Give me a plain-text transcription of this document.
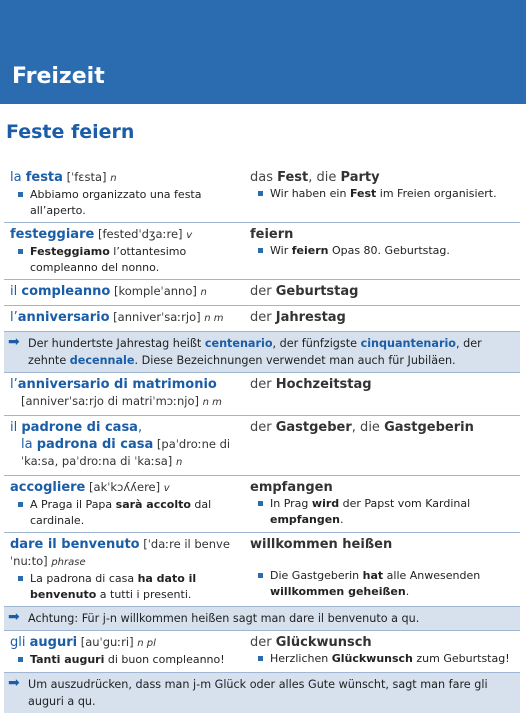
Freizeit
Feste feiern
la festa [ˈfɛsta] n
Abbiamo organizzato una festa all’aperto.
das Fest, die Party
Wir haben ein Fest im Freien organisiert.
festeggiare [festedˈdʒaːre] v
Festeggiamo l’ottantesimo compleanno del nonno.
feiern
Wir feiern Opas 80. Geburtstag.
il compleanno [kompleˈanno] n	der Geburtstag
l’anniversario [anniverˈsaːrjo] n m	der Jahrestag
➡ Der hundertste Jahrestag heißt centenario, der fünfzigste cinquantenario, der zehnte decennale. Diese Bezeichnungen verwendet man auch für Jubiläen.
l’anniversario di matrimonio
[anniverˈsaːrjo di matriˈmɔːnjo] n m
der Hochzeitstag
il padrone di casa,
la padrona di casa [paˈdroːne di ˈkaːsa, paˈdroːna di ˈkaːsa] n
der Gastgeber, die Gastgeberin
accogliere [akˈkɔʎʎere] v
A Praga il Papa sarà accolto dal cardinale.
empfangen
In Prag wird der Papst vom Kardinal empfangen.
dare il benvenuto [ˈdaːre il benveˈnuːto] phrase
La padrona di casa ha dato il benvenuto a tutti i presenti.
willkommen heißen
Die Gastgeberin hat alle Anwesenden willkommen geheißen.
➡ Achtung: Für j-n willkommen heißen sagt man dare il benvenuto a qu.
gli auguri [auˈguːri] n pl
Tanti auguri di buon compleanno!
der Glückwunsch
Herzlichen Glückwunsch zum Geburtstag!
➡ Um auszudrücken, dass man j-m Glück oder alles Gute wünscht, sagt man fare gli auguri a qu.
